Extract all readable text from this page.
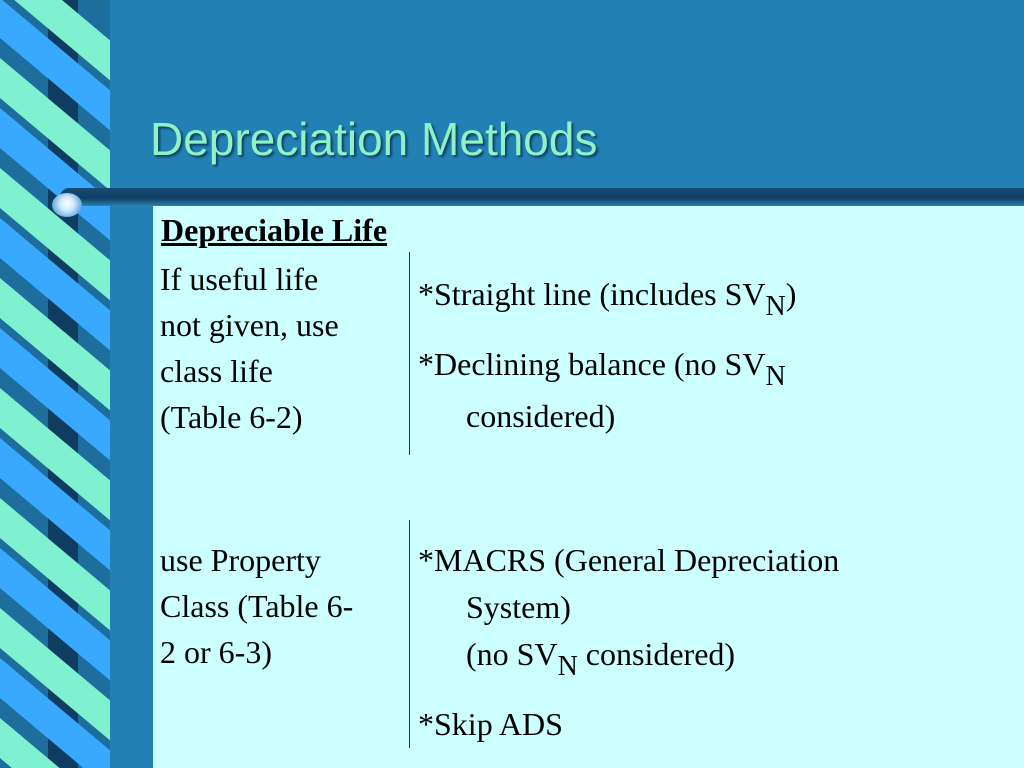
Depreciation Methods
Depreciable Life
If useful life
not given, use
class life
(Table 6-2)
*Straight line (includes $SV_N$)
*Declining balance (no $SV_N$
considered)
use Property
Class (Table 6-
2 or 6-3)
*MACRS (General Depreciation
System)
(no $SV_N$ considered)
*Skip ADS
